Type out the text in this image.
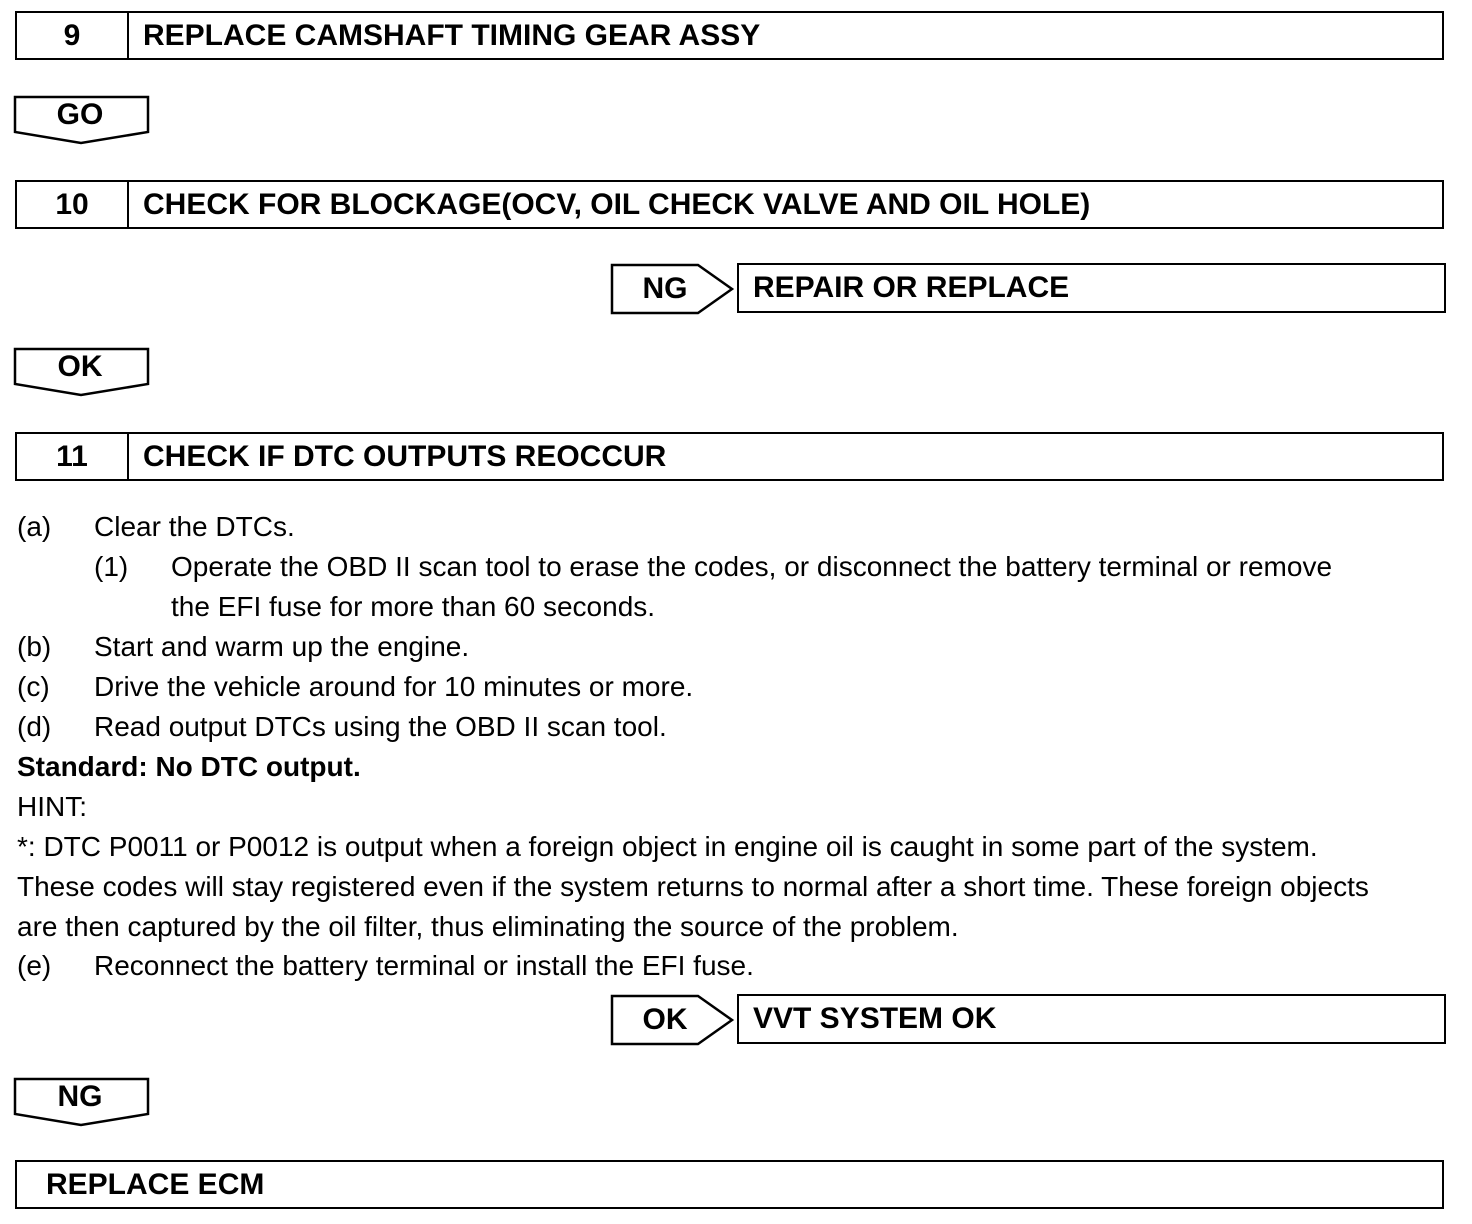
9	REPLACE CAMSHAFT TIMING GEAR ASSY
GO
10	CHECK FOR BLOCKAGE(OCV, OIL CHECK VALVE AND OIL HOLE)
NG	REPAIR OR REPLACE
OK
11	CHECK IF DTC OUTPUTS REOCCUR
(a) Clear the DTCs.
(1) Operate the OBD II scan tool to erase the codes, or disconnect the battery terminal or remove
the EFI fuse for more than 60 seconds.
(b) Start and warm up the engine.
(c) Drive the vehicle around for 10 minutes or more.
(d) Read output DTCs using the OBD II scan tool.
Standard: No DTC output.
HINT:
*: DTC P0011 or P0012 is output when a foreign object in engine oil is caught in some part of the system.
These codes will stay registered even if the system returns to normal after a short time. These foreign objects
are then captured by the oil filter, thus eliminating the source of the problem.
(e) Reconnect the battery terminal or install the EFI fuse.
OK	VVT SYSTEM OK
NG
REPLACE ECM
